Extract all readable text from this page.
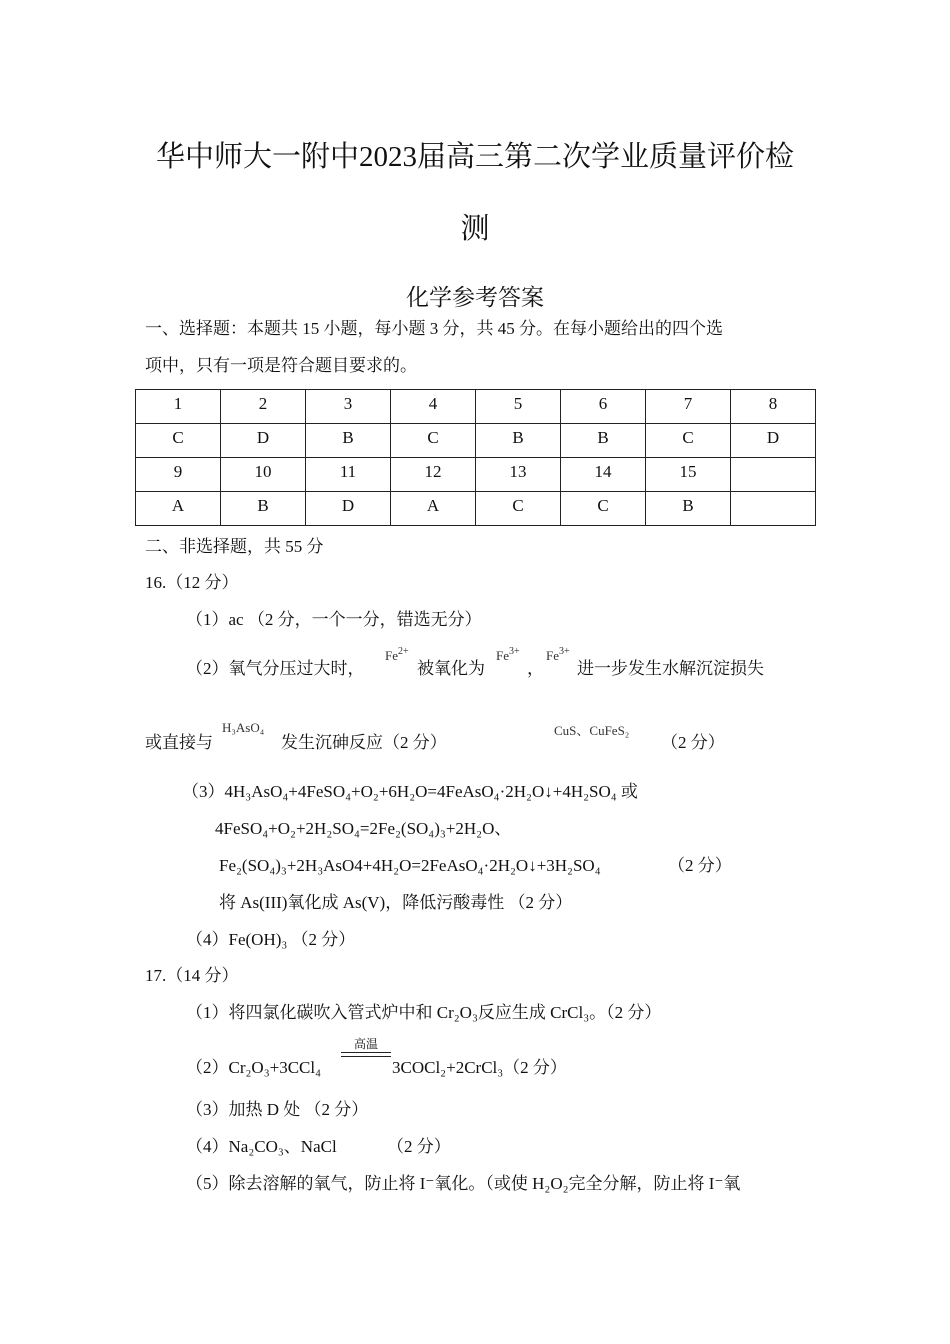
华中师大一附中2023届高三第二次学业质量评价检
测
化学参考答案
一、选择题：本题共 15 小题，每小题 3 分，共 45 分。在每小题给出的四个选
项中，只有一项是符合题目要求的。
1	2	3	4	5	6	7	8
C	D	B	C	B	B	C	D
9	10	11	12	13	14	15	
A	B	D	A	C	C	B	
二、非选择题，共 55 分
16.（12 分）
（1）ac （2 分，一个一分，错选无分）
（2）氧气分压过大时，
$Fe^{2+}$
被氧化为
$Fe^{3+}$
，
$Fe^{3+}$
进一步发生水解沉淀损失
或直接与
H₃AsO₄
发生沉砷反应（2 分）
CuS、CuFeS₂
（2 分）
（3）4H₃AsO₄+4FeSO₄+O₂+6H₂O=4FeAsO₄·2H₂O↓+4H₂SO₄ 或
4FeSO₄+O₂+2H₂SO₄=2Fe₂(SO₄)₃+2H₂O、
Fe₂(SO₄)₃+2H₃AsO4+4H₂O=2FeAsO₄·2H₂O↓+3H₂SO₄	（2 分）
将 As(III)氧化成 As(V)，降低污酸毒性 （2 分）
（4）Fe(OH)₃ （2 分）
17.（14 分）
（1）将四氯化碳吹入管式炉中和 Cr₂O₃反应生成 CrCl₃。（2 分）
（2）Cr₂O₃+3CCl₄
高温
3COCl₂+2CrCl₃（2 分）
（3）加热 D 处 （2 分）
（4）Na₂CO₃、NaCl	（2 分）
（5）除去溶解的氧气，防止将 I⁻氧化。（或使 H₂O₂完全分解，防止将 I⁻氧
